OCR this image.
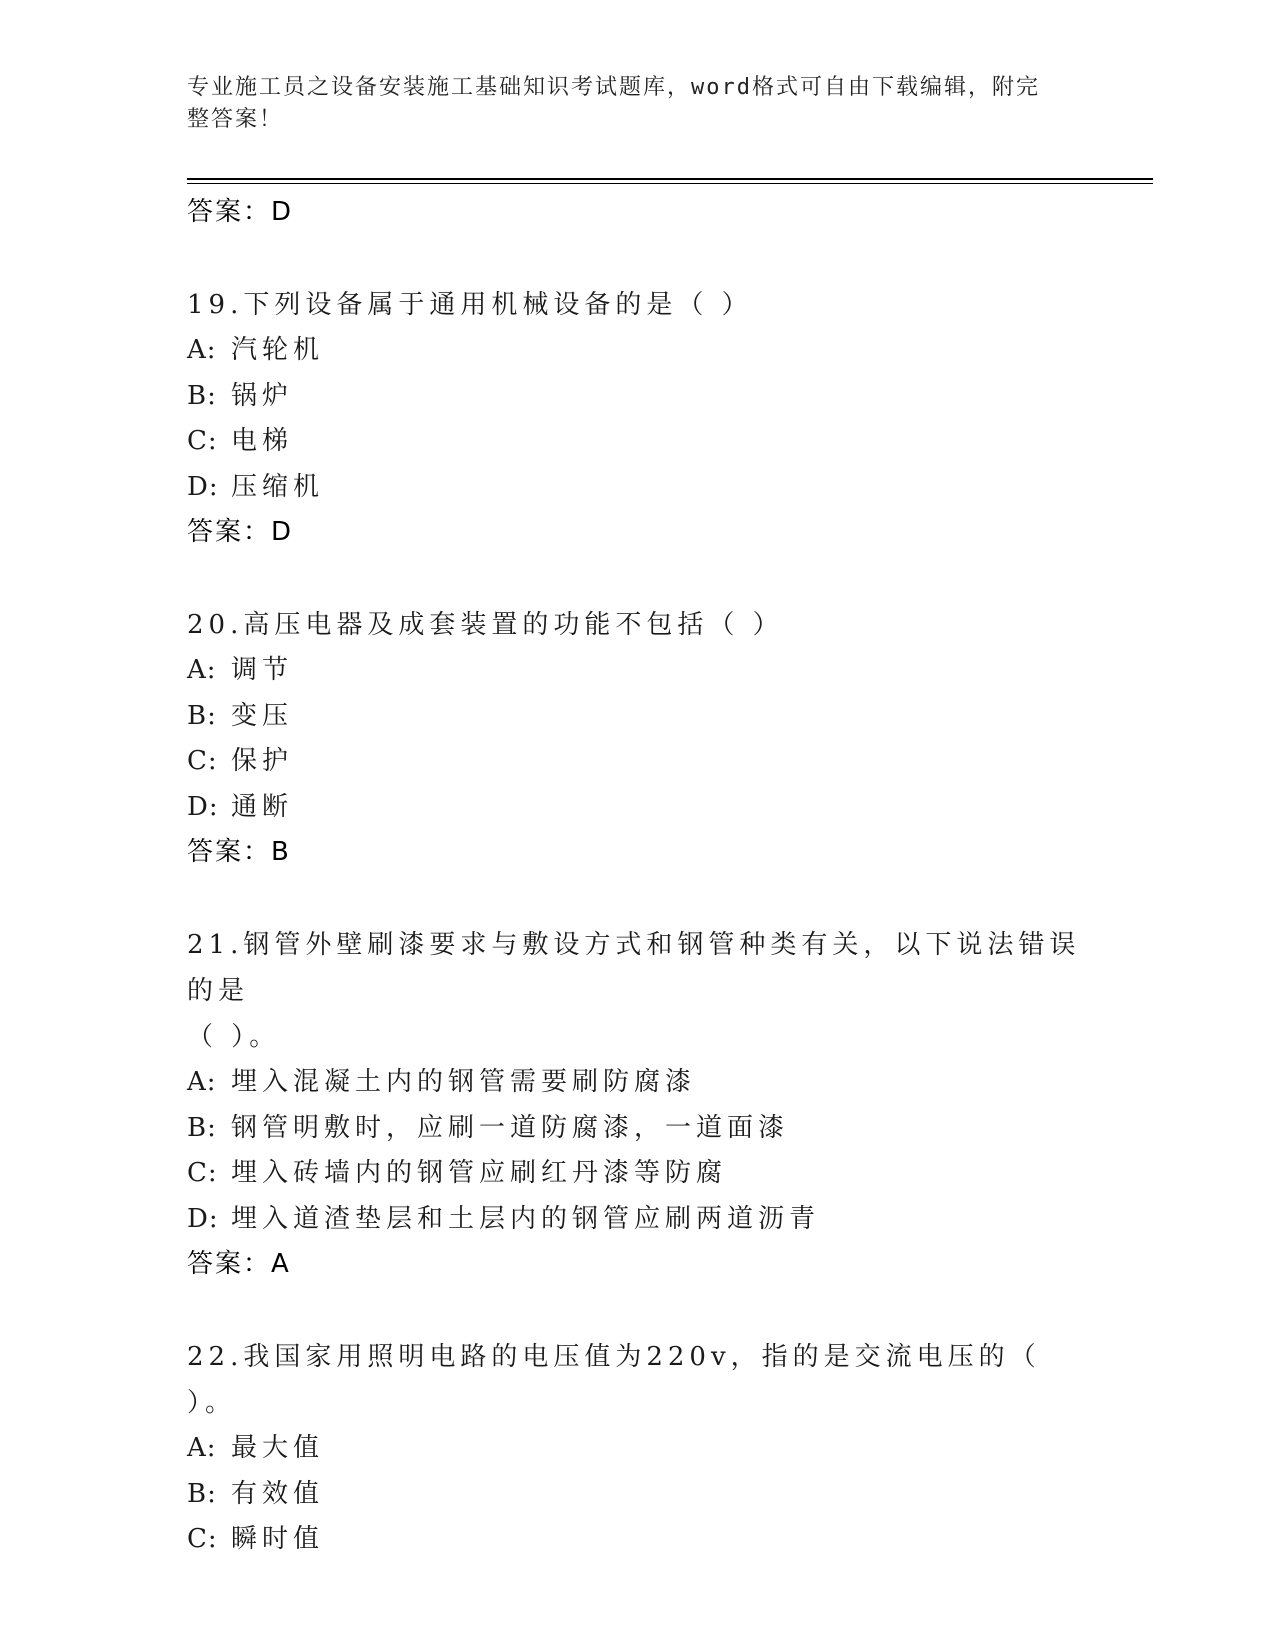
专业施工员之设备安装施工基础知识考试题库，word格式可自由下载编辑，附完
整答案！
答案：D
19.下列设备属于通用机械设备的是（ ）
A: 汽轮机
B: 锅炉
C: 电梯
D: 压缩机
答案：D
20.高压电器及成套装置的功能不包括（ ）
A: 调节
B: 变压
C: 保护
D: 通断
答案：B
21.钢管外壁刷漆要求与敷设方式和钢管种类有关，以下说法错误的是
（ ）。
A: 埋入混凝土内的钢管需要刷防腐漆
B: 钢管明敷时，应刷一道防腐漆，一道面漆
C: 埋入砖墙内的钢管应刷红丹漆等防腐
D: 埋入道渣垫层和土层内的钢管应刷两道沥青
答案：A
22.我国家用照明电路的电压值为220v，指的是交流电压的（ ）。
A: 最大值
B: 有效值
C: 瞬时值
